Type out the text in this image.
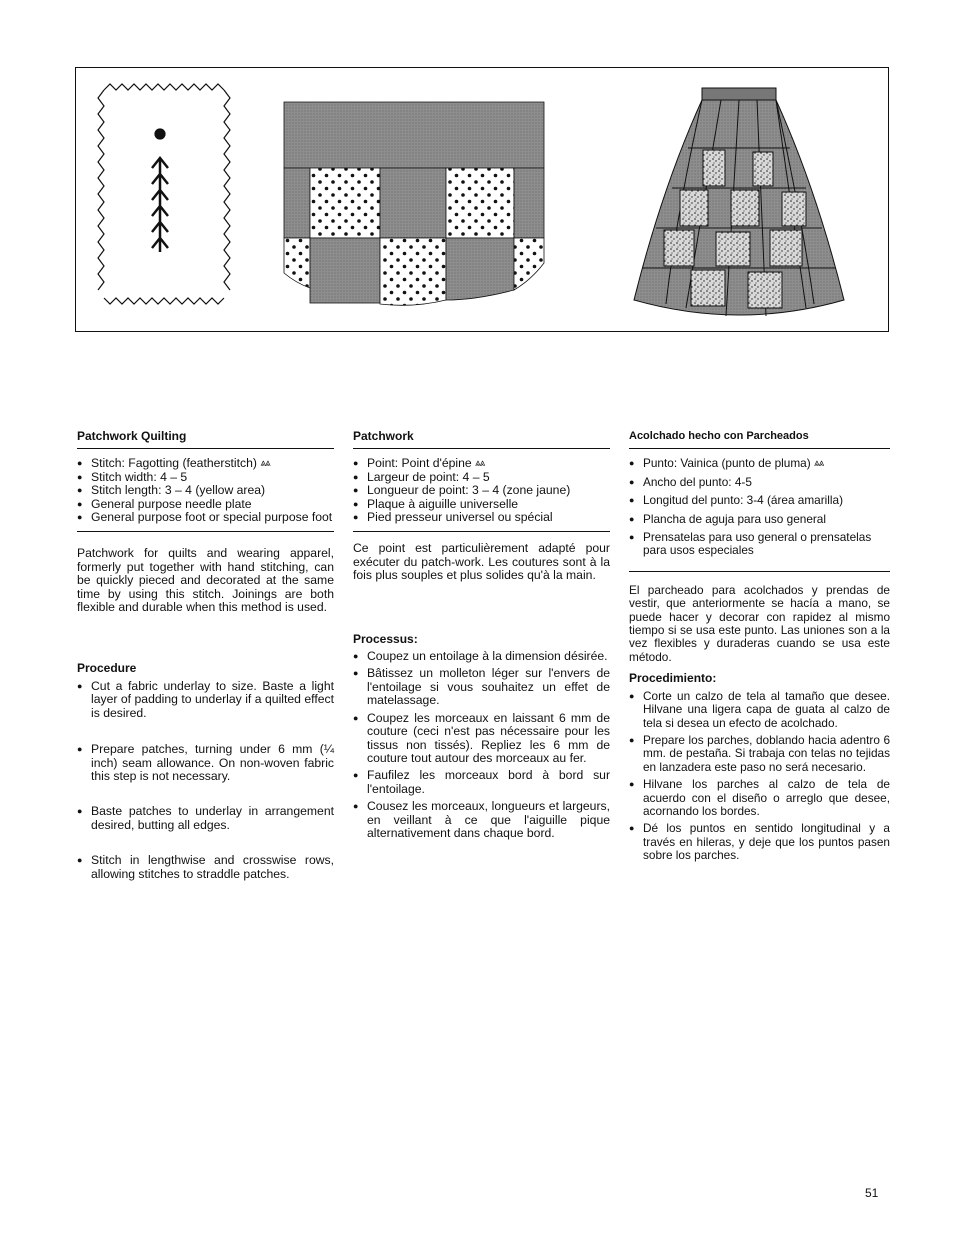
Patchwork Quilting
● Stitch: Fagotting (featherstitch) ⩓⩓
● Stitch width: 4 – 5
● Stitch length: 3 – 4 (yellow area)
● General purpose needle plate
● General purpose foot or special purpose foot

Patchwork for quilts and wearing apparel, formerly put together with hand stitching, can be quickly pieced and decorated at the same time by using this stitch. Joinings are both flexible and durable when this method is used.

Procedure
● Cut a fabric underlay to size. Baste a light layer of padding to underlay if a quilted effect is desired.
● Prepare patches, turning under 6 mm (¼ inch) seam allowance. On non-woven fabric this step is not necessary.
● Baste patches to underlay in arrangement desired, butting all edges.
● Stitch in lengthwise and crosswise rows, allowing stitches to straddle patches.
Patchwork
● Point: Point d'épine ⩓⩓
● Largeur de point: 4 – 5
● Longueur de point: 3 – 4 (zone jaune)
● Plaque à aiguille universelle
● Pied presseur universel ou spécial

Ce point est particulièrement adapté pour exécuter du patch-work. Les coutures sont à la fois plus souples et plus solides qu'à la main.

Processus:
● Coupez un entoilage à la dimension désirée.
● Bâtissez un molleton léger sur l'envers de l'entoilage si vous souhaitez un effet de matelassage.
● Coupez les morceaux en laissant 6 mm de couture (ceci n'est pas nécessaire pour les tissus non tissés). Repliez les 6 mm de couture tout autour des morceaux au fer.
● Faufilez les morceaux bord à bord sur l'entoilage.
● Cousez les morceaux, longueurs et largeurs, en veillant à ce que l'aiguille pique alternativement dans chaque bord.
Acolchado hecho con Parcheados
● Punto: Vainica (punto de pluma) ⩓⩓
● Ancho del punto: 4-5
● Longitud del punto: 3-4 (área amarilla)
● Plancha de aguja para uso general
● Prensatelas para uso general o prensatelas para usos especiales

El parcheado para acolchados y prendas de vestir, que anteriormente se hacía a mano, se puede hacer y decorar con rapidez al mismo tiempo si se usa este punto. Las uniones son a la vez flexibles y duraderas cuando se usa este método.

Procedimiento:
● Corte un calzo de tela al tamaño que desee. Hilvane una ligera capa de guata al calzo de tela si desea un efecto de acolchado.
● Prepare los parches, doblando hacia adentro 6 mm. de pestaña. Si trabaja con telas no tejidas en lanzadera este paso no será necesario.
● Hilvane los parches al calzo de tela de acuerdo con el diseño o arreglo que desee, acornando los bordes.
● Dé los puntos en sentido longitudinal y a través en hileras, y deje que los puntos pasen sobre los parches.
51
